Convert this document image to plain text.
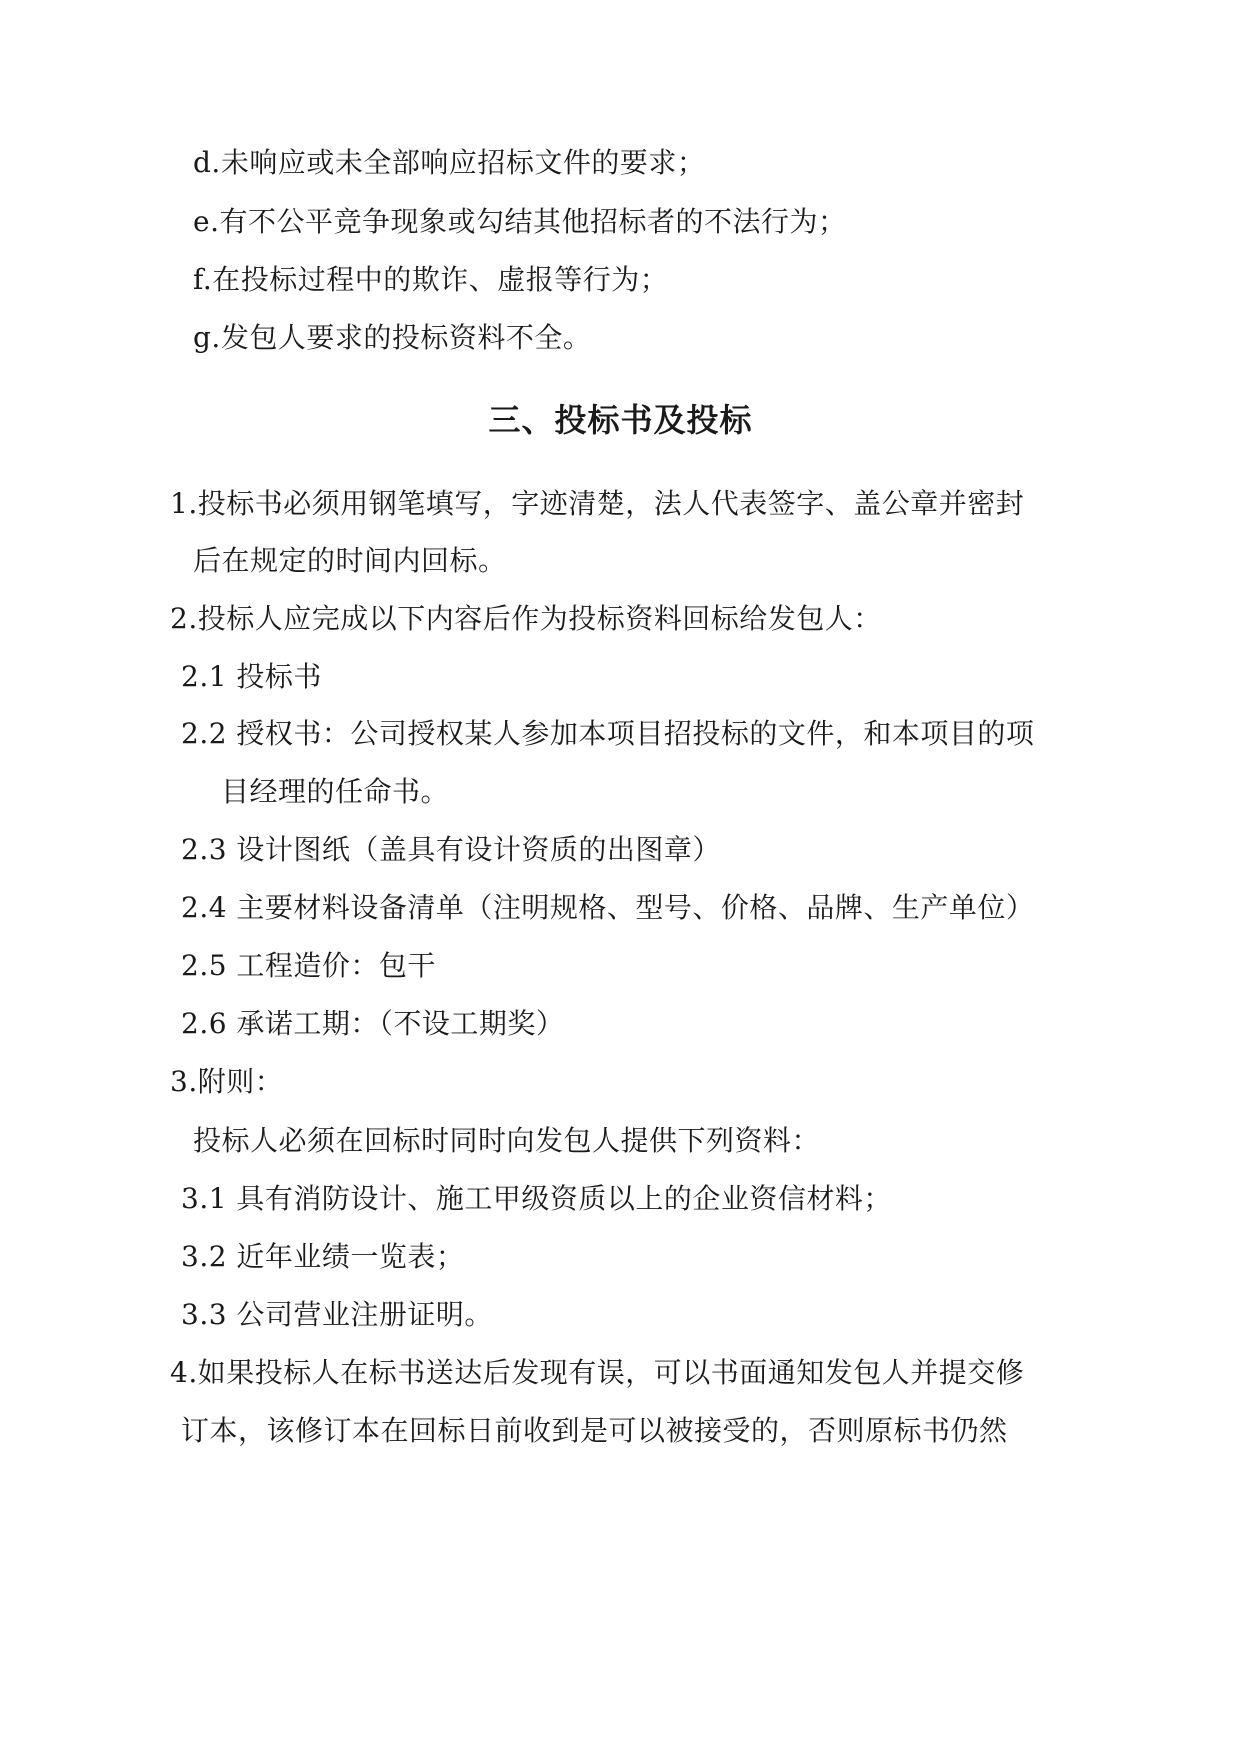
d.未响应或未全部响应招标文件的要求；
e.有不公平竞争现象或勾结其他招标者的不法行为；
f.在投标过程中的欺诈、虚报等行为；
g.发包人要求的投标资料不全。
三、投标书及投标
1.投标书必须用钢笔填写，字迹清楚，法人代表签字、盖公章并密封
后在规定的时间内回标。
2.投标人应完成以下内容后作为投标资料回标给发包人：
2.1 投标书
2.2 授权书：公司授权某人参加本项目招投标的文件，和本项目的项
目经理的任命书。
2.3 设计图纸（盖具有设计资质的出图章）
2.4 主要材料设备清单（注明规格、型号、价格、品牌、生产单位）
2.5 工程造价：包干
2.6 承诺工期：（不设工期奖）
3.附则：
投标人必须在回标时同时向发包人提供下列资料：
3.1 具有消防设计、施工甲级资质以上的企业资信材料；
3.2 近年业绩一览表；
3.3 公司营业注册证明。
4.如果投标人在标书送达后发现有误，可以书面通知发包人并提交修
订本，该修订本在回标日前收到是可以被接受的，否则原标书仍然
